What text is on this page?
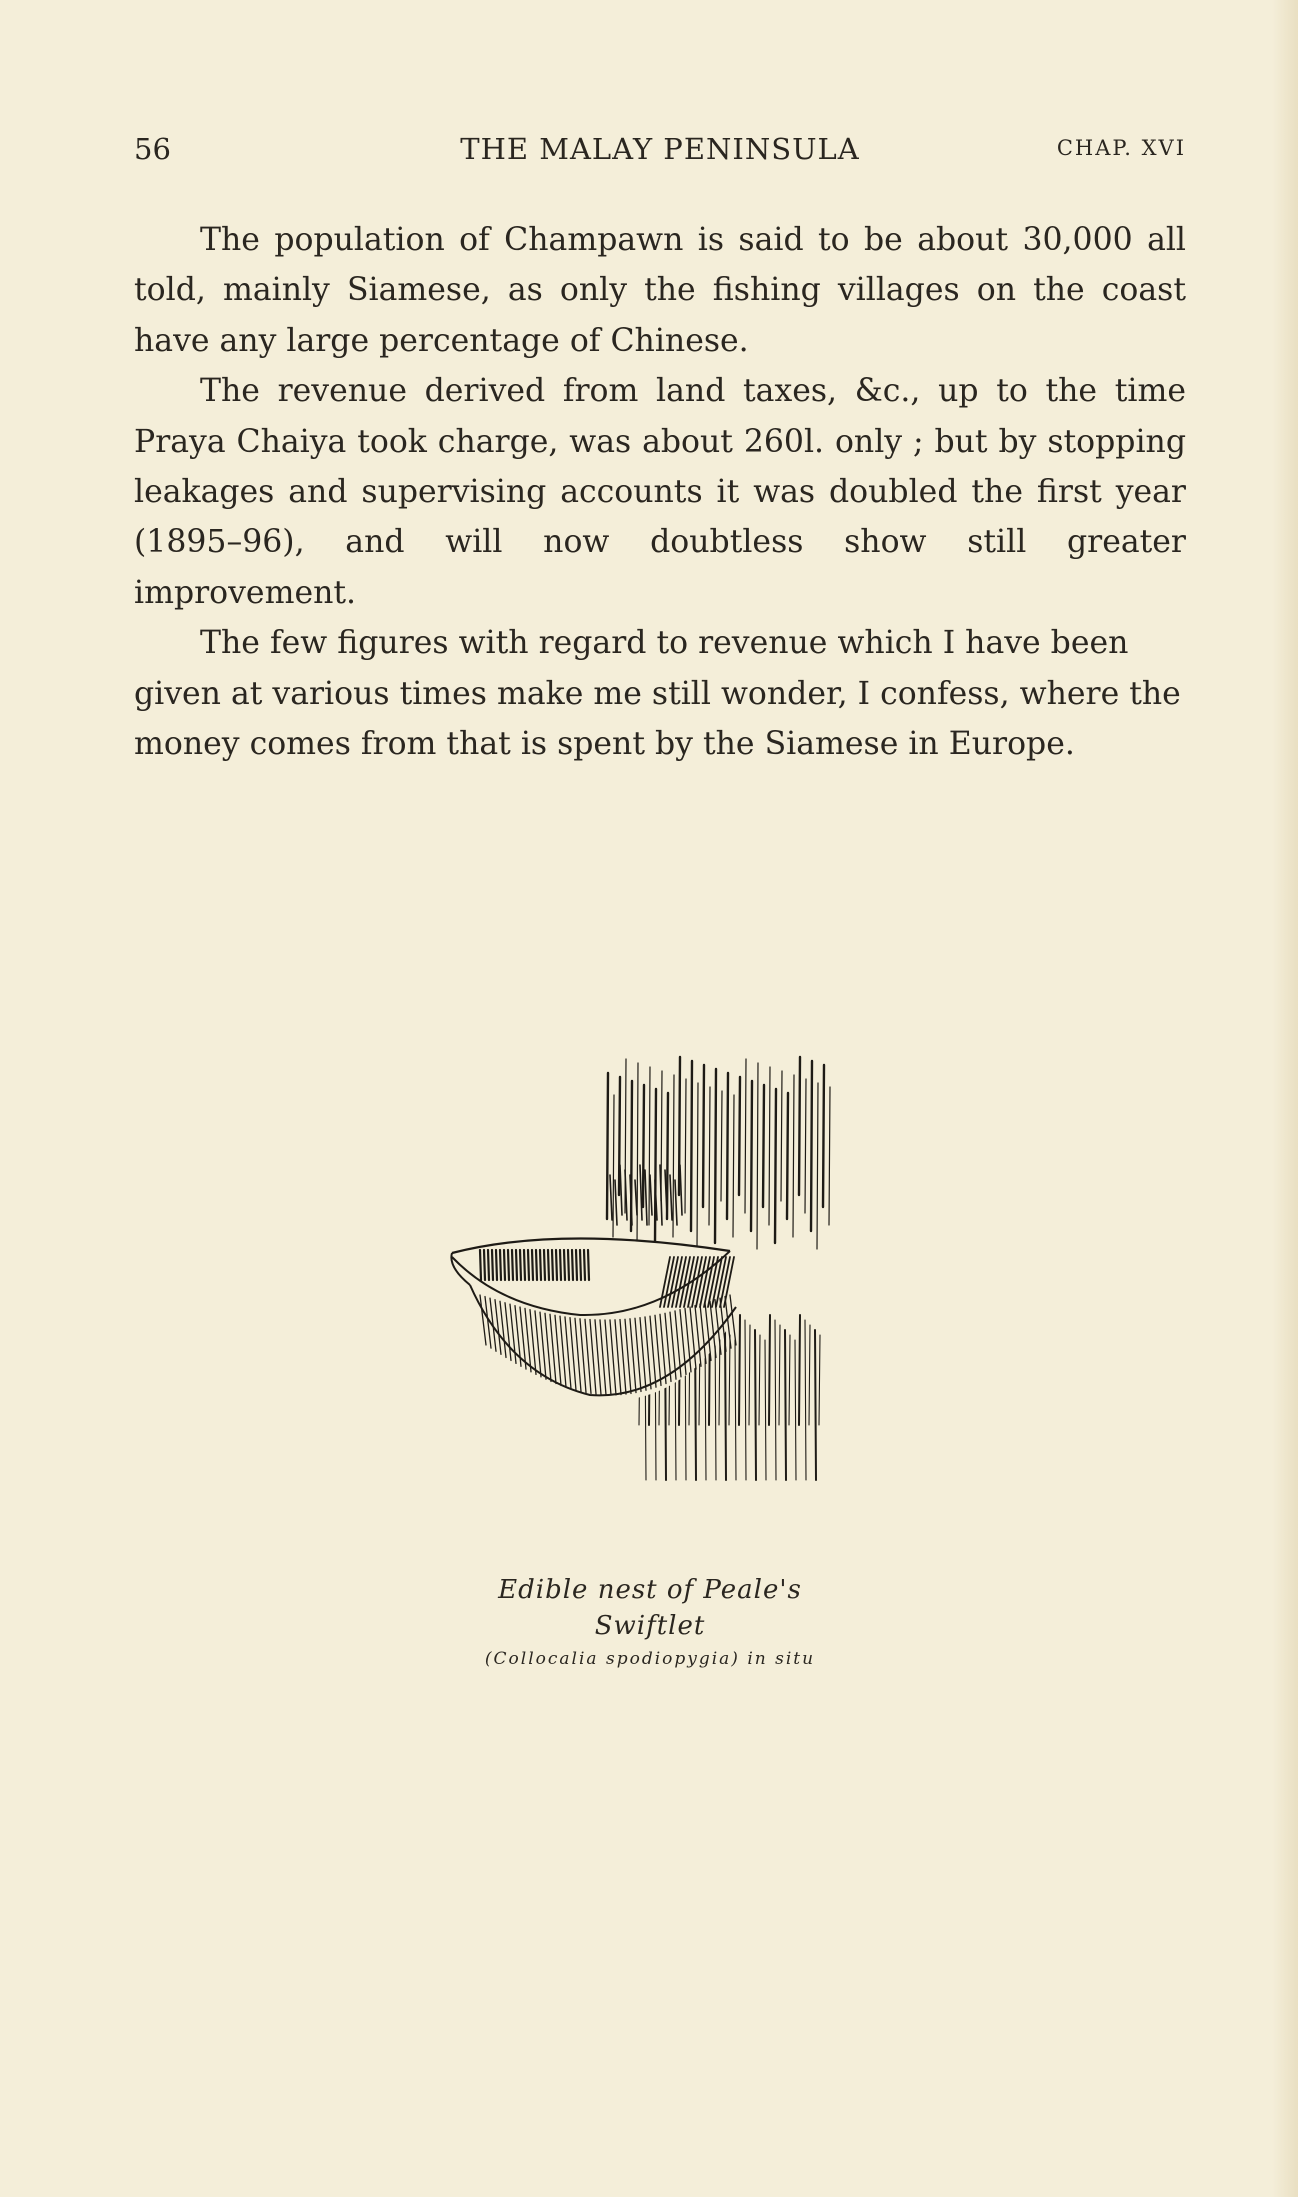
56	THE MALAY PENINSULA	CHAP. XVI

The population of Champawn is said to be about 30,000 all told, mainly Siamese, as only the fishing villages on the coast have any large percentage of Chinese.

The revenue derived from land taxes, &c., up to the time Praya Chaiya took charge, was about 260l. only ; but by stopping leakages and supervising accounts it was doubled the first year (1895–96), and will now doubtless show still greater improvement.

The few figures with regard to revenue which I have been given at various times make me still wonder, I confess, where the money comes from that is spent by the Siamese in Europe.

Edible nest of Peale's Swiftlet
(Collocalia spodiopygia) in situ
